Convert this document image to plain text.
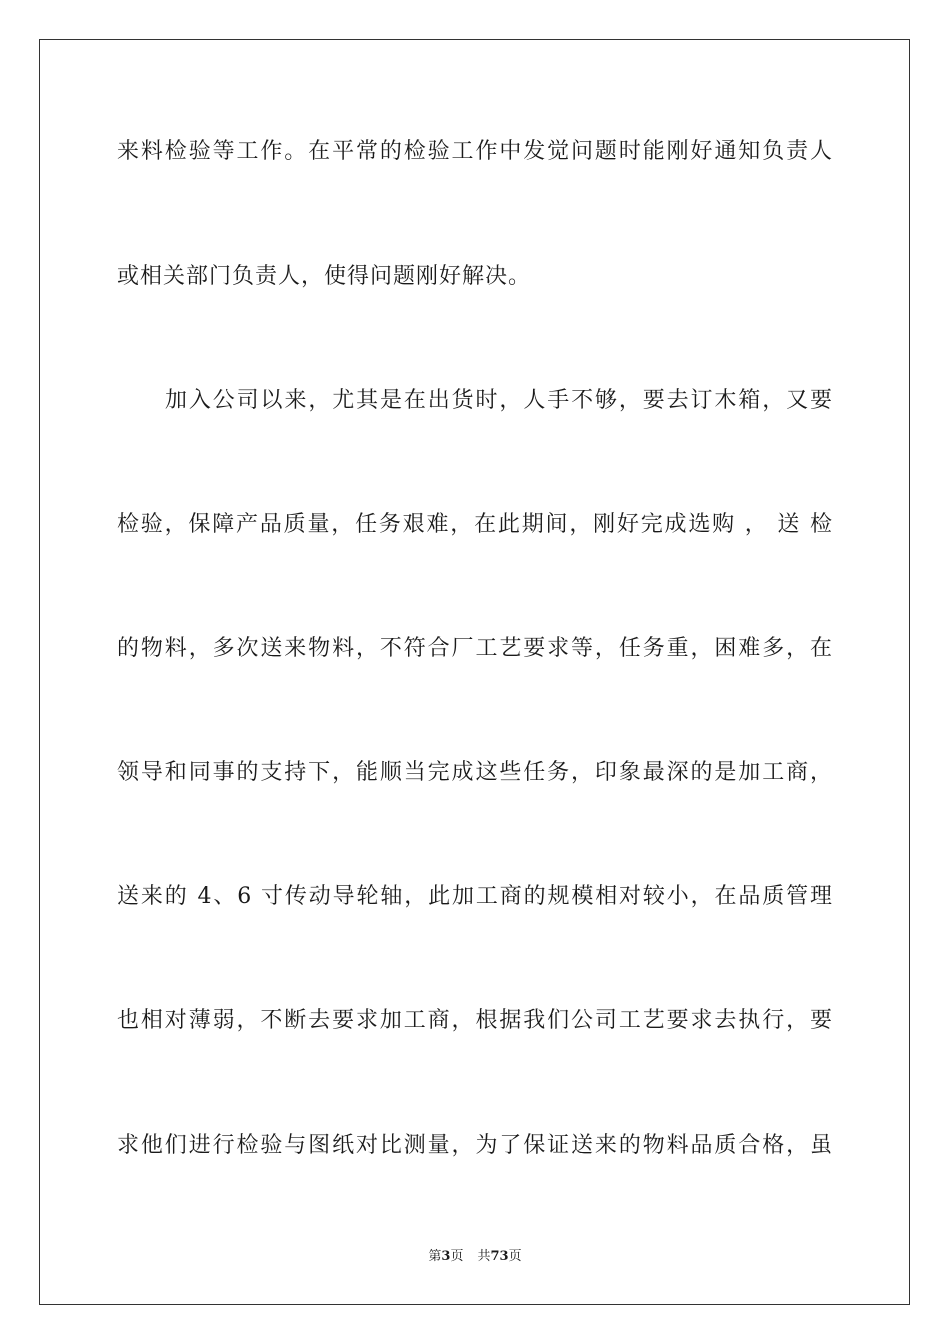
来料检验等工作。在平常的检验工作中发觉问题时能刚好通知负责人
或相关部门负责人，使得问题刚好解决。
加入公司以来，尤其是在出货时，人手不够，要去订木箱，又要
检验，保障产品质量，任务艰难，在此期间，刚好完成选购 ， 送 检
的物料，多次送来物料，不符合厂工艺要求等，任务重，困难多，在
领导和同事的支持下，能顺当完成这些任务，印象最深的是加工商，
送来的 4、6 寸传动导轮轴，此加工商的规模相对较小，在品质管理
也相对薄弱，不断去要求加工商，根据我们公司工艺要求去执行，要
求他们进行检验与图纸对比测量，为了保证送来的物料品质合格，虽
第3页 共73页
